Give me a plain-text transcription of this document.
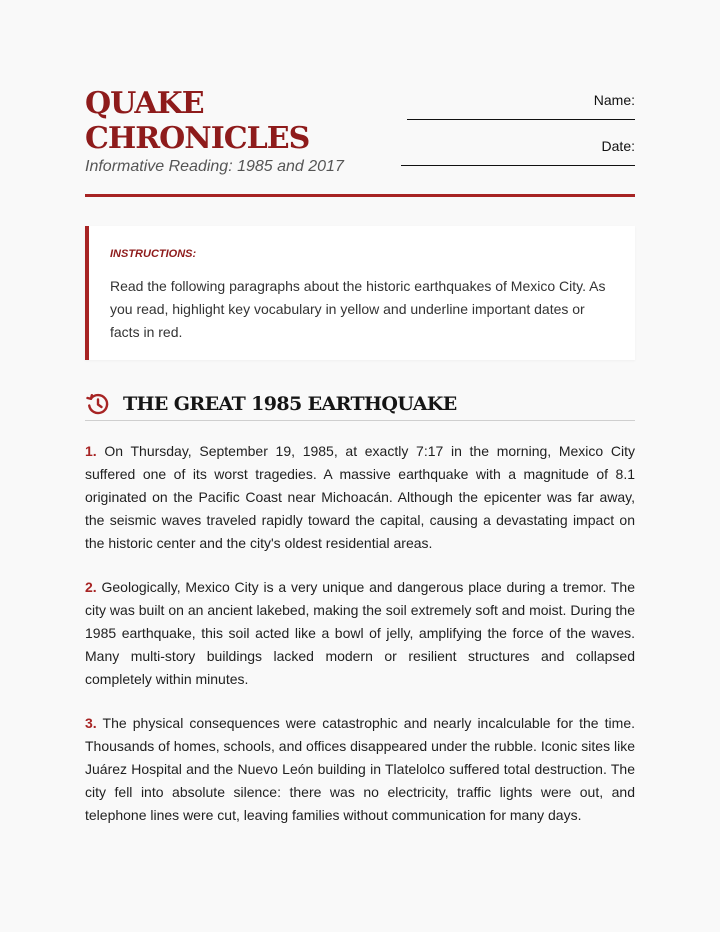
QUAKE CHRONICLES

Informative Reading: 1985 and 2017

Name:
Date:

INSTRUCTIONS:

Read the following paragraphs about the historic earthquakes of Mexico City. As you read, highlight key vocabulary in yellow and underline important dates or facts in red.

THE GREAT 1985 EARTHQUAKE

1. On Thursday, September 19, 1985, at exactly 7:17 in the morning, Mexico City suffered one of its worst tragedies. A massive earthquake with a magnitude of 8.1 originated on the Pacific Coast near Michoacán. Although the epicenter was far away, the seismic waves traveled rapidly toward the capital, causing a devastating impact on the historic center and the city's oldest residential areas.

2. Geologically, Mexico City is a very unique and dangerous place during a tremor. The city was built on an ancient lakebed, making the soil extremely soft and moist. During the 1985 earthquake, this soil acted like a bowl of jelly, amplifying the force of the waves. Many multi-story buildings lacked modern or resilient structures and collapsed completely within minutes.

3. The physical consequences were catastrophic and nearly incalculable for the time. Thousands of homes, schools, and offices disappeared under the rubble. Iconic sites like Juárez Hospital and the Nuevo León building in Tlatelolco suffered total destruction. The city fell into absolute silence: there was no electricity, traffic lights were out, and telephone lines were cut, leaving families without communication for many days.
